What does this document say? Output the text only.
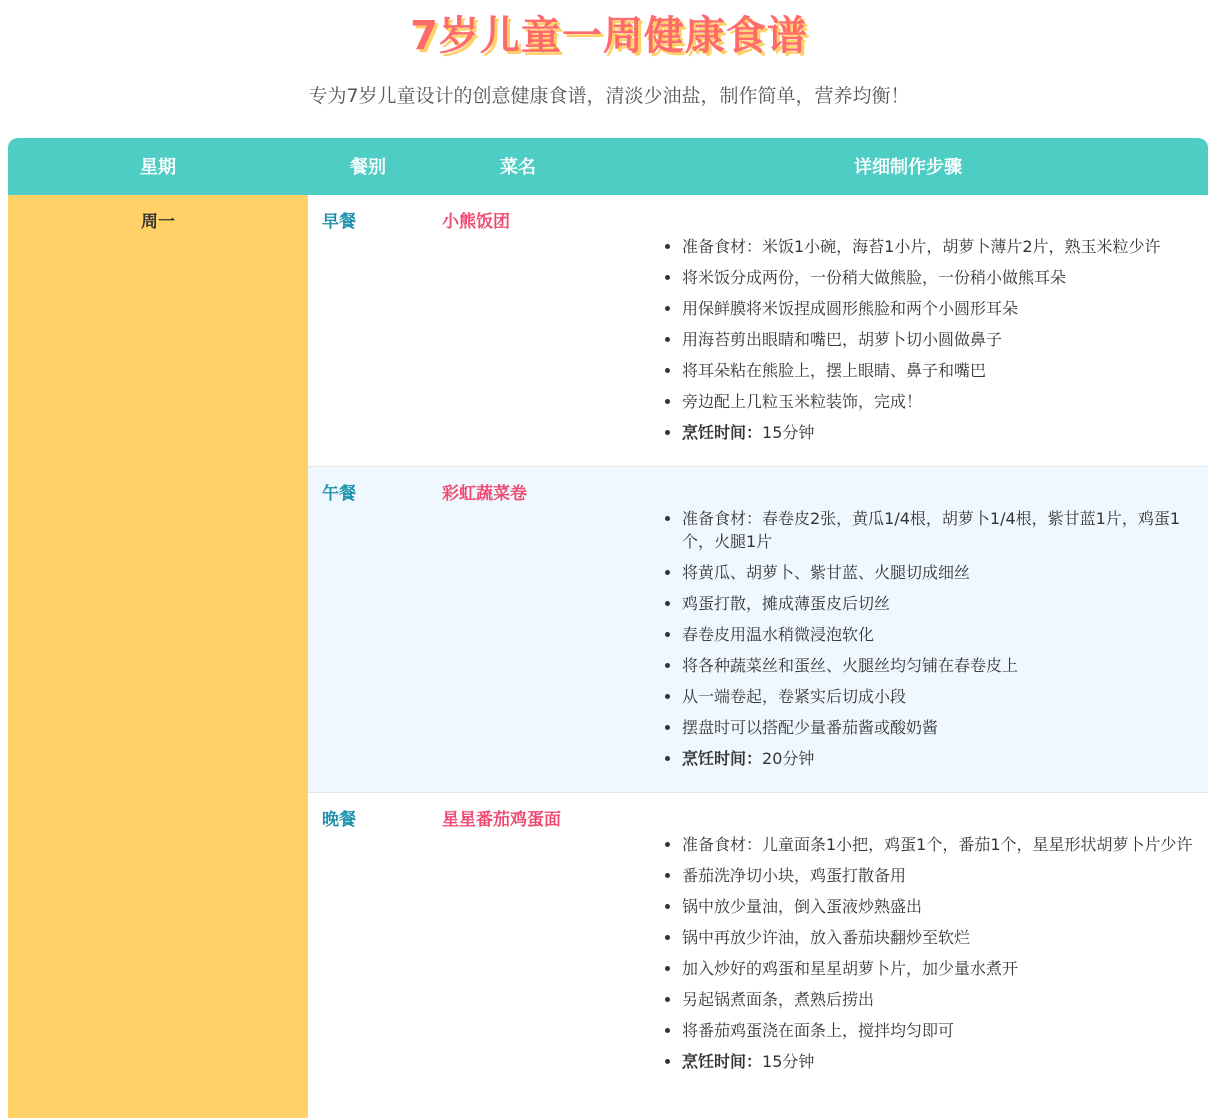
7岁儿童一周健康食谱
专为7岁儿童设计的创意健康食谱，清淡少油盐，制作简单，营养均衡！
星期	餐别	菜名	详细制作步骤
周一	早餐	小熊饭团
• 准备食材：米饭1小碗，海苔1小片，胡萝卜薄片2片，熟玉米粒少许
• 将米饭分成两份，一份稍大做熊脸，一份稍小做熊耳朵
• 用保鲜膜将米饭捏成圆形熊脸和两个小圆形耳朵
• 用海苔剪出眼睛和嘴巴，胡萝卜切小圆做鼻子
• 将耳朵粘在熊脸上，摆上眼睛、鼻子和嘴巴
• 旁边配上几粒玉米粒装饰，完成！
• 烹饪时间：15分钟
午餐	彩虹蔬菜卷
• 准备食材：春卷皮2张，黄瓜1/4根，胡萝卜1/4根，紫甘蓝1片，鸡蛋1个，火腿1片
• 将黄瓜、胡萝卜、紫甘蓝、火腿切成细丝
• 鸡蛋打散，摊成薄蛋皮后切丝
• 春卷皮用温水稍微浸泡软化
• 将各种蔬菜丝和蛋丝、火腿丝均匀铺在春卷皮上
• 从一端卷起，卷紧实后切成小段
• 摆盘时可以搭配少量番茄酱或酸奶酱
• 烹饪时间：20分钟
晚餐	星星番茄鸡蛋面
• 准备食材：儿童面条1小把，鸡蛋1个，番茄1个，星星形状胡萝卜片少许
• 番茄洗净切小块，鸡蛋打散备用
• 锅中放少量油，倒入蛋液炒熟盛出
• 锅中再放少许油，放入番茄块翻炒至软烂
• 加入炒好的鸡蛋和星星胡萝卜片，加少量水煮开
• 另起锅煮面条，煮熟后捞出
• 将番茄鸡蛋浇在面条上，搅拌均匀即可
• 烹饪时间：15分钟
